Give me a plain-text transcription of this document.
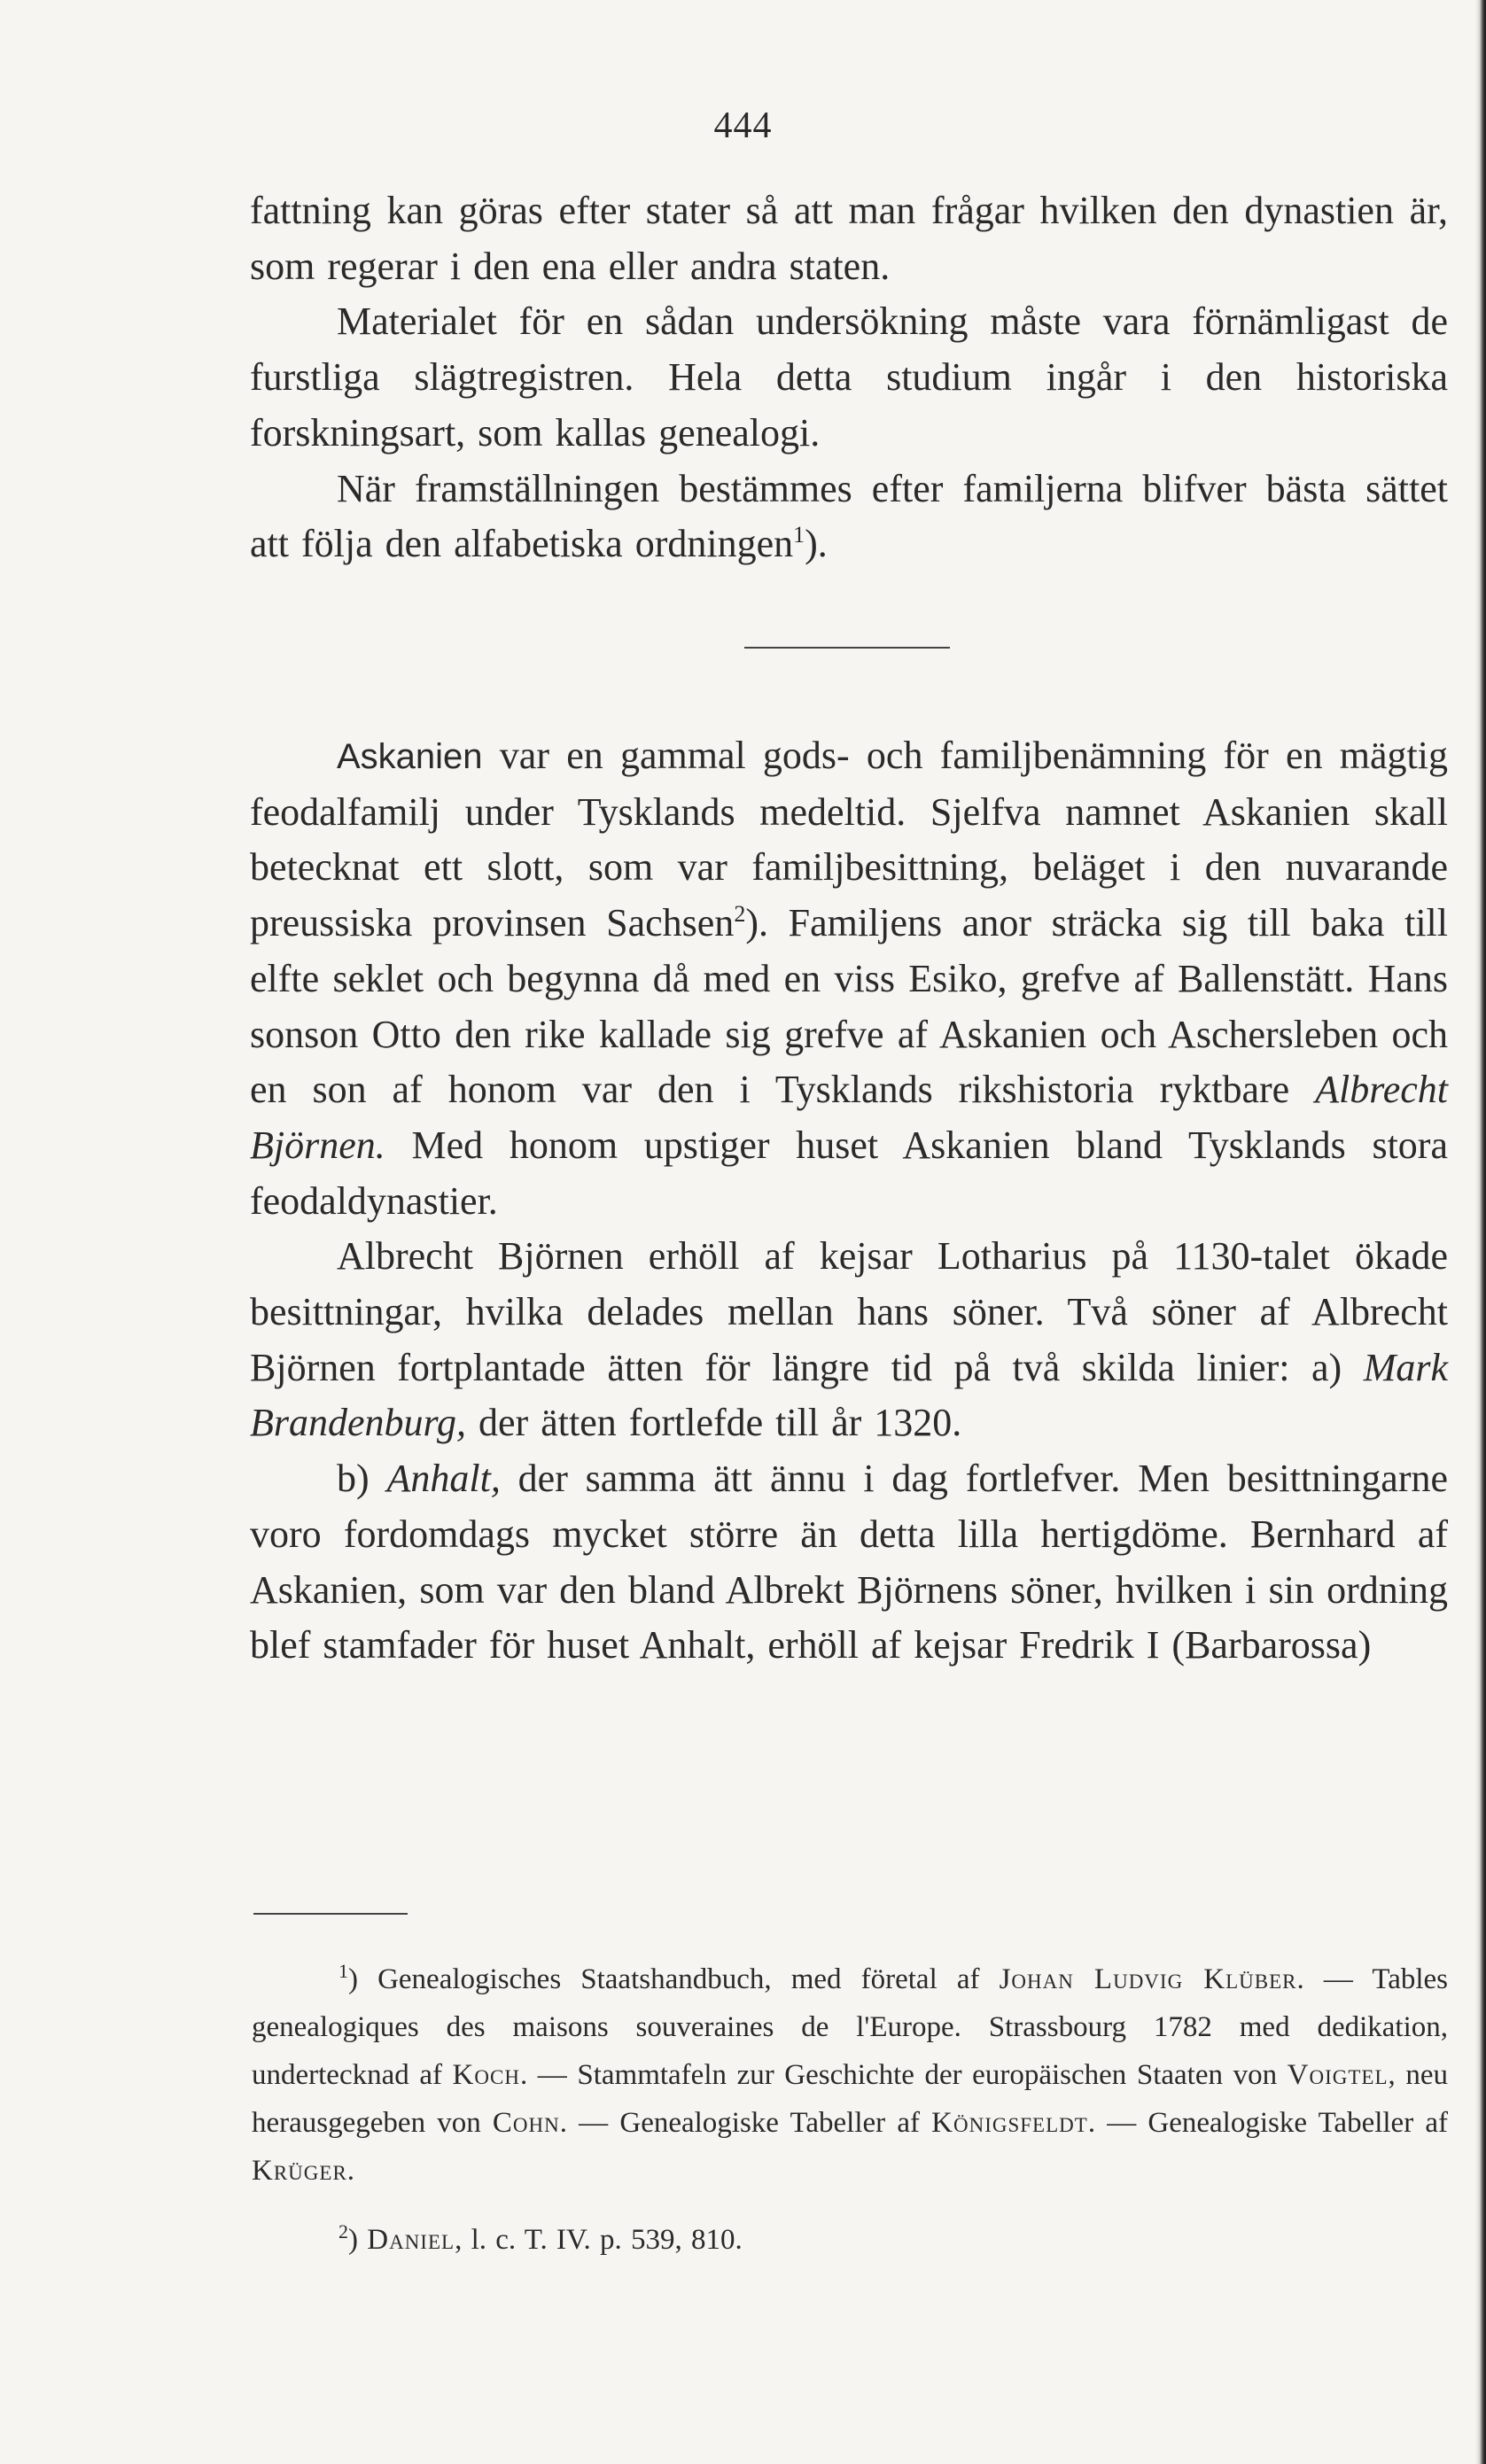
444

fattning kan göras efter stater så att man frågar hvilken den dynastien är, som regerar i den ena eller andra staten.

Materialet för en sådan undersökning måste vara förnämligast de furstliga slägtregistren. Hela detta studium ingår i den historiska forskningsart, som kallas genealogi.

När framställningen bestämmes efter familjerna blifver bästa sättet att följa den alfabetiska ordningen$^1$).

Askanien var en gammal gods- och familjbenämning för en mägtig feodalfamilj under Tysklands medeltid. Sjelfva namnet Askanien skall betecknat ett slott, som var familjbesittning, beläget i den nuvarande preussiska provinsen Sachsen$^2$). Familjens anor sträcka sig till baka till elfte seklet och begynna då med en viss Esiko, grefve af Ballenstätt. Hans sonson Otto den rike kallade sig grefve af Askanien och Aschersleben och en son af honom var den i Tysklands rikshistoria ryktbare Albrecht Björnen. Med honom upstiger huset Askanien bland Tysklands stora feodaldynastier.

Albrecht Björnen erhöll af kejsar Lotharius på 1130-talet ökade besittningar, hvilka delades mellan hans söner. Två söner af Albrecht Björnen fortplantade ätten för längre tid på två skilda linier: a) Mark Brandenburg, der ätten fortlefde till år 1320.

b) Anhalt, der samma ätt ännu i dag fortlefver. Men besittningarne voro fordomdags mycket större än detta lilla hertigdöme. Bernhard af Askanien, som var den bland Albrekt Björnens söner, hvilken i sin ordning blef stamfader för huset Anhalt, erhöll af kejsar Fredrik I (Barbarossa)

$^1$) Genealogisches Staatshandbuch, med företal af Johan Ludvig Klüber. — Tables genealogiques des maisons souveraines de l'Europe. Strassbourg 1782 med dedikation, undertecknad af Koch. — Stammtafeln zur Geschichte der europäischen Staaten von Voigtel, neu herausgegeben von Cohn. — Genealogiske Tabeller af Königsfeldt. — Genealogiske Tabeller af Krüger.

$^2$) Daniel, l. c. T. IV. p. 539, 810.
